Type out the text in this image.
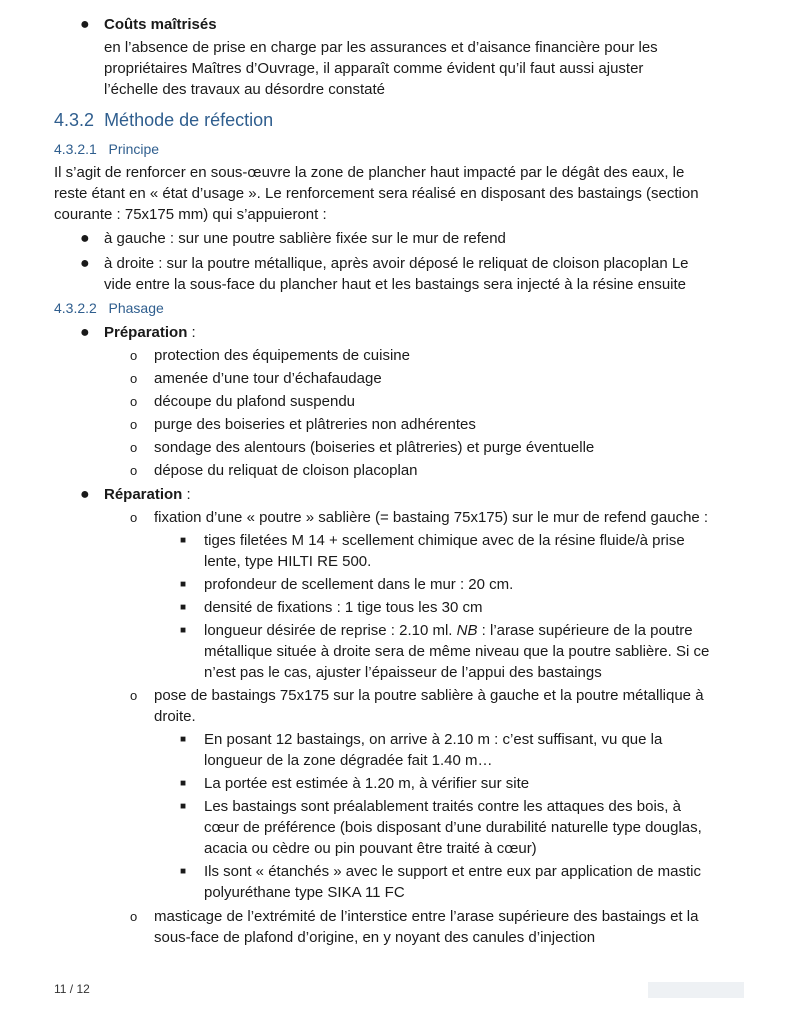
● Coûts maîtrisés
en l’absence de prise en charge par les assurances et d’aisance financière pour les
propriétaires Maîtres d’Ouvrage, il apparaît comme évident qu’il faut aussi ajuster
l’échelle des travaux au désordre constaté
4.3.2 Méthode de réfection
4.3.2.1 Principe
Il s’agit de renforcer en sous-œuvre la zone de plancher haut impacté par le dégât des eaux, le
reste étant en « état d’usage ». Le renforcement sera réalisé en disposant des bastaings (section
courante : 75x175 mm) qui s’appuieront :
● à gauche : sur une poutre sablière fixée sur le mur de refend
● à droite : sur la poutre métallique, après avoir déposé le reliquat de cloison placoplan Le
vide entre la sous-face du plancher haut et les bastaings sera injecté à la résine ensuite
4.3.2.2 Phasage
● Préparation :
o protection des équipements de cuisine
o amenée d’une tour d’échafaudage
o découpe du plafond suspendu
o purge des boiseries et plâtreries non adhérentes
o sondage des alentours (boiseries et plâtreries) et purge éventuelle
o dépose du reliquat de cloison placoplan
● Réparation :
o fixation d’une « poutre » sablière (= bastaing 75x175) sur le mur de refend gauche :
■ tiges filetées M 14 + scellement chimique avec de la résine fluide/à prise
lente, type HILTI RE 500.
■ profondeur de scellement dans le mur : 20 cm.
■ densité de fixations : 1 tige tous les 30 cm
■ longueur désirée de reprise : 2.10 ml. NB : l’arase supérieure de la poutre
métallique située à droite sera de même niveau que la poutre sablière. Si ce
n’est pas le cas, ajuster l’épaisseur de l’appui des bastaings
o pose de bastaings 75x175 sur la poutre sablière à gauche et la poutre métallique à
droite.
■ En posant 12 bastaings, on arrive à 2.10 m : c’est suffisant, vu que la
longueur de la zone dégradée fait 1.40 m…
■ La portée est estimée à 1.20 m, à vérifier sur site
■ Les bastaings sont préalablement traités contre les attaques des bois, à
cœur de préférence (bois disposant d’une durabilité naturelle type douglas,
acacia ou cèdre ou pin pouvant être traité à cœur)
■ Ils sont « étanchés » avec le support et entre eux par application de mastic
polyuréthane type SIKA 11 FC
o masticage de l’extrémité de l’interstice entre l’arase supérieure des bastaings et la
sous-face de plafond d’origine, en y noyant des canules d’injection
11 / 12
